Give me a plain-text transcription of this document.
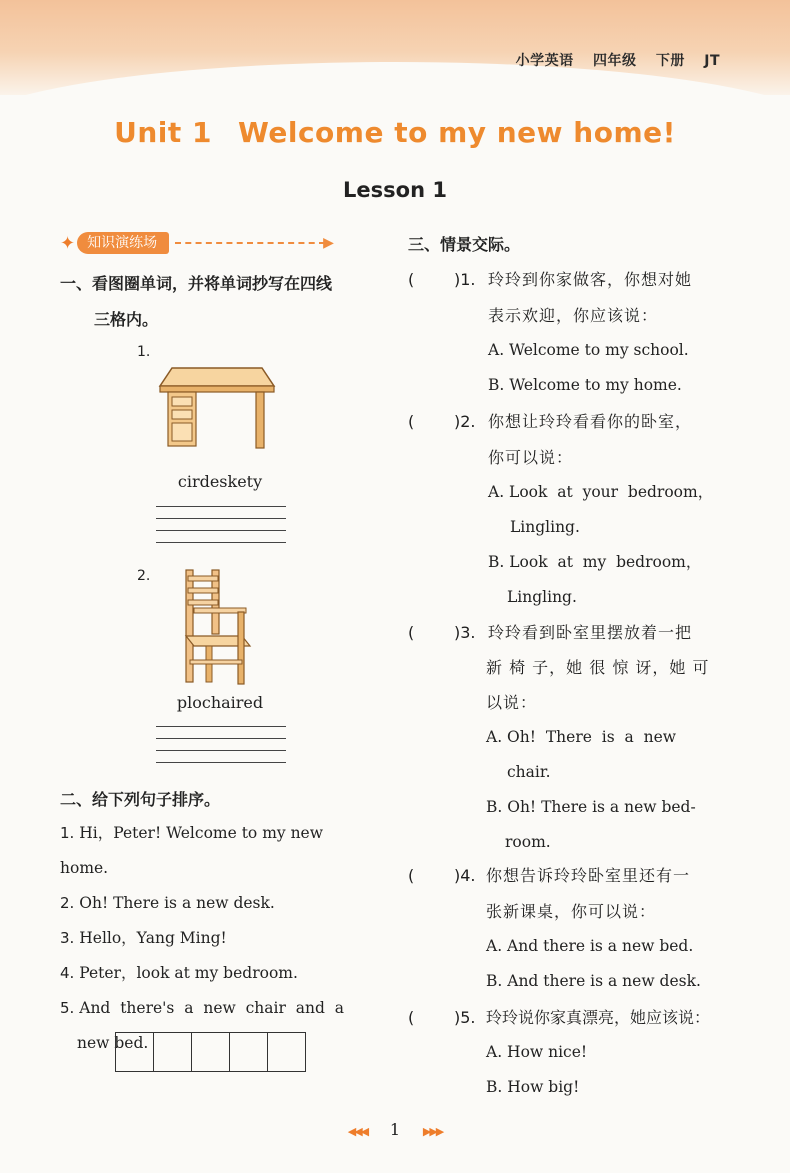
小学英语 四年级 下册 JT
Unit 1 Welcome to my new home!
Lesson 1
✦ 知识演练场	▶
一、看图圈单词，并将单词抄写在四线
三格内。
1.
cirdeskety
2.
plochaired
二、给下列句子排序。
1. Hi，Peter! Welcome to my new home.
2. Oh! There is a new desk.
3. Hello，Yang Ming!
4. Peter，look at my bedroom.
5. And  there's  a  new  chair  and  a
new bed.
三、情景交际。
( )1. 玲玲到你家做客，你想对她
表示欢迎，你应该说：
A. Welcome to my school.
B. Welcome to my home.
( )2. 你想让玲玲看看你的卧室，
你可以说：
A. Look  at  your  bedroom，
Lingling.
B. Look  at  my  bedroom，
Lingling.
( )3. 玲玲看到卧室里摆放着一把
新 椅 子，她 很 惊 讶，她 可
以说：
A. Oh!  There  is  a  new
chair.
B. Oh! There is a new bed-
room.
( )4. 你想告诉玲玲卧室里还有一
张新课桌，你可以说：
A. And there is a new bed.
B. And there is a new desk.
( )5. 玲玲说你家真漂亮，她应该说：
A. How nice!
B. How big!
◀◀◀ 1 ▶▶▶
